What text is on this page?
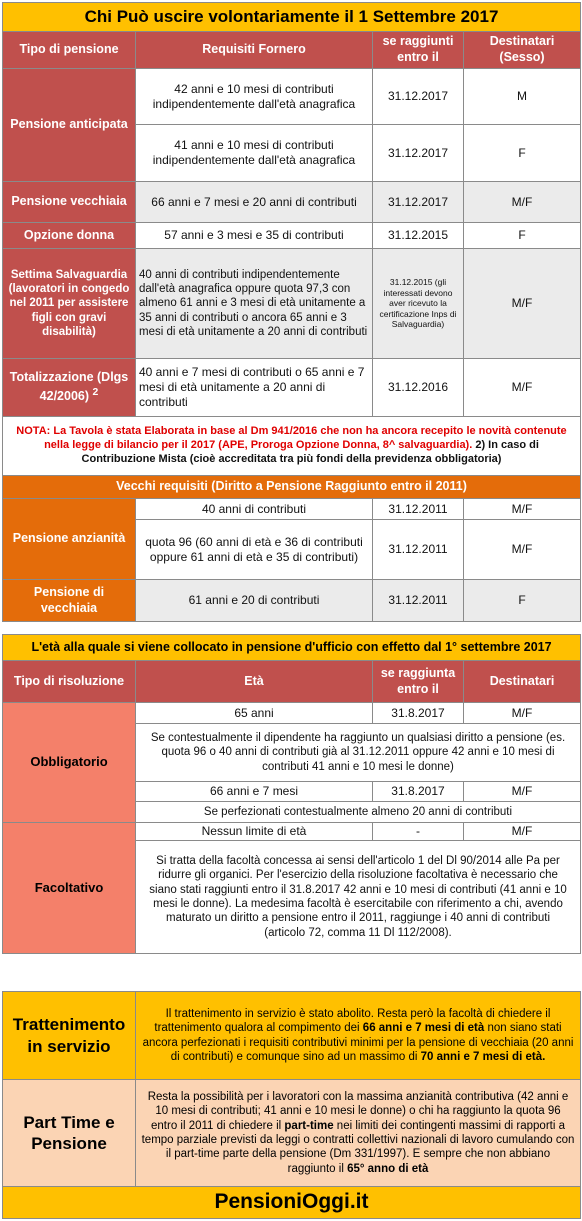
Chi Può uscire volontariamente il 1 Settembre 2017			
Tipo di pensione	Requisiti Fornero	se raggiunti entro il	Destinatari (Sesso)
Pensione anticipata	42 anni e 10 mesi di contributi indipendentemente dall'età anagrafica	31.12.2017	M
	41 anni e 10 mesi di contributi indipendentemente dall'età anagrafica	31.12.2017	F
Pensione vecchiaia	66 anni e 7 mesi e 20 anni di contributi	31.12.2017	M/F
Opzione donna	57 anni e 3 mesi e 35 di contributi	31.12.2015	F
Settima Salvaguardia (lavoratori in congedo nel 2011 per assistere figli con gravi disabilità)	40 anni di contributi indipendentemente dall'età anagrafica oppure quota 97,3 con almeno 61 anni e 3 mesi di età unitamente a 35 anni di contributi o ancora 65 anni e 3 mesi di età unitamente a 20 anni di contributi	31.12.2015 (gli interessati devono aver ricevuto la certificazione Inps di Salvaguardia)	M/F
Totalizzazione (Dlgs 42/2006) $^2$	40 anni e 7 mesi di contributi o 65 anni e 7 mesi di età unitamente a 20 anni di contributi	31.12.2016	M/F
NOTA: La Tavola è stata Elaborata in base al Dm 941/2016 che non ha ancora recepito le novità contenute nella legge di bilancio per il 2017 (APE, Proroga Opzione Donna, 8^ salvaguardia). 2) In caso di Contribuzione Mista (cioè accreditata tra più fondi della previdenza obbligatoria)			
Vecchi requisiti (Diritto a Pensione Raggiunto entro il 2011)			
Pensione anzianità	40 anni di contributi	31.12.2011	M/F
	quota 96 (60 anni di età e 36 di contributi oppure 61 anni di età e 35 di contributi)	31.12.2011	M/F
Pensione di vecchiaia	61 anni e 20 di contributi	31.12.2011	F
L'età alla quale si viene collocato in pensione d'ufficio con effetto dal 1° settembre 2017			
Tipo di risoluzione	Età	se raggiunta entro il	Destinatari
Obbligatorio	65 anni	31.8.2017	M/F
	Se contestualmente il dipendente ha raggiunto un qualsiasi diritto a pensione (es. quota 96 o 40 anni di contributi già al 31.12.2011 oppure 42 anni e 10 mesi di contributi 41 anni e 10 mesi le donne)		
	66 anni e 7 mesi	31.8.2017	M/F
	Se perfezionati contestualmente almeno 20 anni di contributi		
Facoltativo	Nessun limite di età	-	M/F
	Si tratta della facoltà concessa ai sensi dell'articolo 1 del Dl 90/2014 alle Pa per ridurre gli organici. Per l'esercizio della risoluzione facoltativa è necessario che siano stati raggiunti entro il 31.8.2017 42 anni e 10 mesi di contributi (41 anni e 10 mesi le donne). La medesima facoltà è esercitabile con riferimento a chi, avendo maturato un diritto a pensione entro il 2011, raggiunge i 40 anni di contributi (articolo 72, comma 11 Dl 112/2008).		
Trattenimento in servizio	Il trattenimento in servizio è stato abolito. Resta però la facoltà di chiedere il trattenimento qualora al compimento dei 66 anni e 7 mesi di età non siano stati ancora perfezionati i requisiti contributivi minimi per la pensione di vecchiaia (20 anni di contributi) e comunque sino ad un massimo di 70 anni e 7 mesi di età.
Part Time e Pensione	Resta la possibilità per i lavoratori con la massima anzianità contributiva (42 anni e 10 mesi di contributi; 41 anni e 10 mesi le donne) o chi ha raggiunto la quota 96 entro il 2011 di chiedere il part-time nei limiti dei contingenti massimi di rapporti a tempo parziale previsti da leggi o contratti collettivi nazionali di lavoro cumulando con il part-time parte della pensione (Dm 331/1997). E sempre che non abbiano raggiunto il 65° anno di età
PensioniOggi.it	
